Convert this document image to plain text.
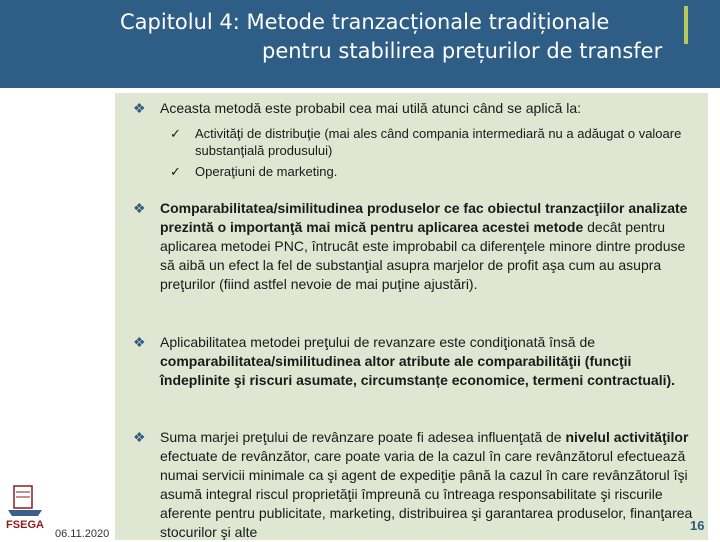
Capitolul 4: Metode tranzacționale tradiționale
pentru stabilirea prețurilor de transfer
❖ Aceasta metodă este probabil cea mai utilă atunci când se aplică la:
✓ Activităţi de distribuţie (mai ales când compania intermediară nu a adăugat o valoare substanţială produsului)
✓ Operaţiuni de marketing.
❖ Comparabilitatea/similitudinea produselor ce fac obiectul tranzacţiilor analizate prezintă o importanţă mai mică pentru aplicarea acestei metode decât pentru aplicarea metodei PNC, întrucât este improbabil ca diferenţele minore dintre produse să aibă un efect la fel de substanţial asupra marjelor de profit aşa cum au asupra preţurilor (fiind astfel nevoie de mai puţine ajustări).
❖ Aplicabilitatea metodei preţului de revanzare este condiţionată însă de comparabilitatea/similitudinea altor atribute ale comparabilităţii (funcţii îndeplinite şi riscuri asumate, circumstanțe economice, termeni contractuali).
❖ Suma marjei preţului de revânzare poate fi adesea influenţată de nivelul activităţilor efectuate de revânzător, care poate varia de la cazul în care revânzătorul efectuează numai servicii minimale ca şi agent de expediţie până la cazul în care revânzătorul îşi asumă integral riscul proprietăţii împreună cu întreaga responsabilitate şi riscurile aferente pentru publicitate, marketing, distribuirea şi garantarea produselor, finanţarea stocurilor şi alte
FSEGA
06.11.2020
16
